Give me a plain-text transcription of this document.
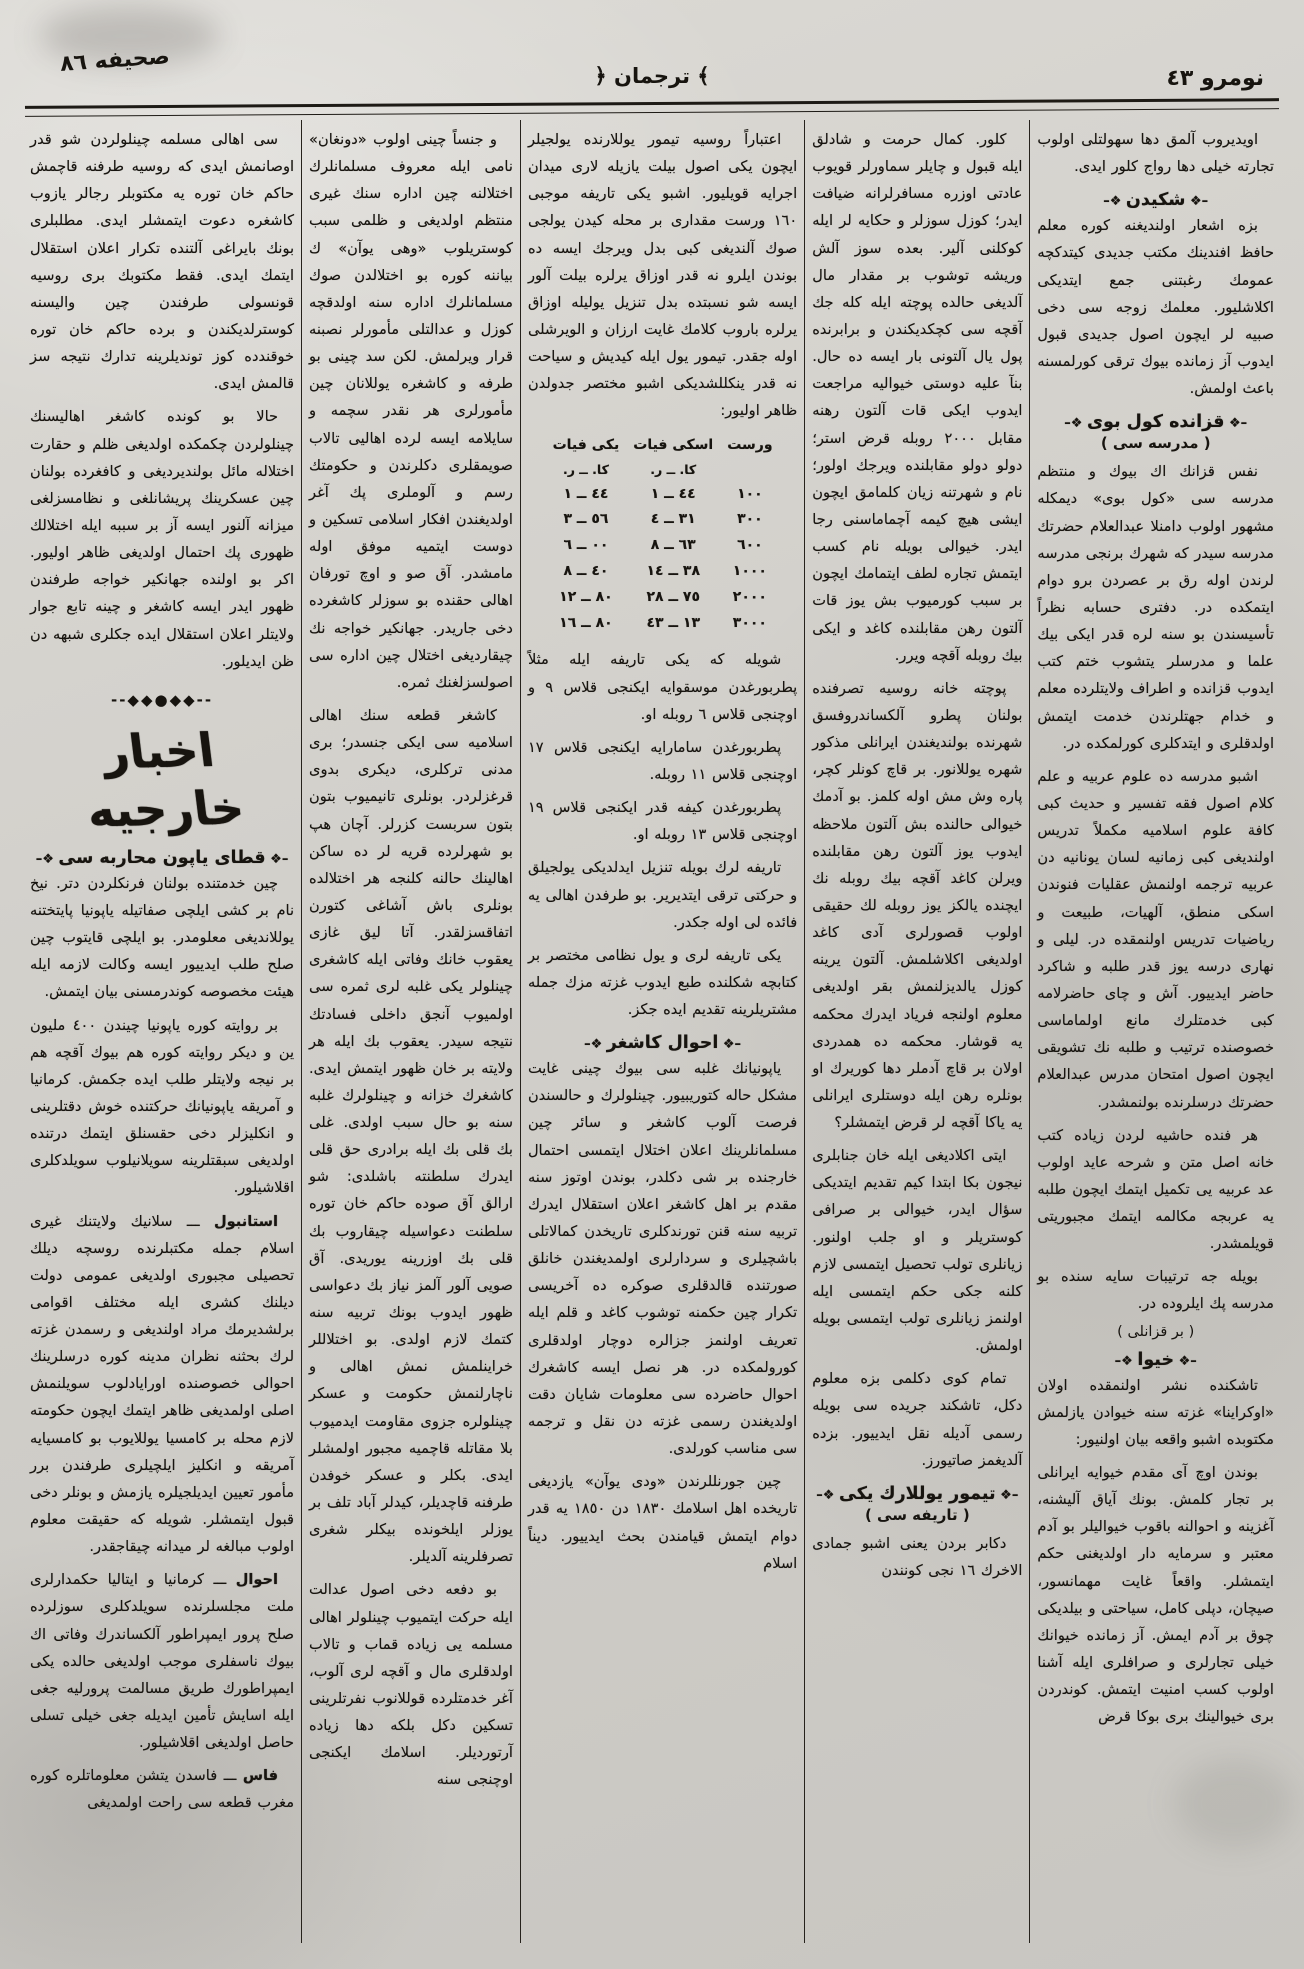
صحيفه ٨٦
﴾ ترجمان ﴿	نومرو ٤٣

اويديروب آلمق دها سهولتلى اولوب تجارته خيلى دها رواج كلور ايدى.

–❖ شكيدن ❖–

بزه اشعار اولنديغنه كوره معلم حافظ افندينك مكتب جديدى كيتدكچه عمومك رغبتنى جمع ايتديكى اكلاشليور. معلمك زوجه سى دخى صبيه لر ايچون اصول جديدى قبول ايدوب آز زمانده بيوك ترقى كورلمسنه باعث اولمش.

–❖ قزانده كول بوى ❖–
( مدرسه سى )

نفس قزانك اك بيوك و منتظم مدرسه سى «كول بوى» ديمكله مشهور اولوب دامنلا عبدالعلام حضرتك مدرسه سيدر كه شهرك برنجى مدرسه لرندن اوله رق بر عصردن برو دوام ايتمكده در. دفترى حسابه نظراً تأسيسندن بو سنه لره قدر ايكى بيك علما و مدرسلر يتشوب ختم كتب ايدوب قزانده و اطراف ولايتلرده معلم و خدام جهتلرندن خدمت ايتمش اولدقلرى و ايتدكلرى كورلمكده در.

اشبو مدرسه ده علوم عربيه و علم كلام اصول فقه تفسير و حديث كبى كافة علوم اسلاميه مكملاً تدريس اولنديغى كبى زمانيه لسان يونانيه دن عربيه ترجمه اولنمش عقليات فنوندن اسكى منطق، آلهيات، طبيعت و رياضيات تدريس اولنمقده در. ليلى و نهارى درسه يوز قدر طلبه و شاكرد حاضر ايدييور. آش و چاى حاضرلامه كبى خدمتلرك مانع اولماماسى خصوصنده ترتيب و طلبه نك تشويقى ايچون اصول امتحان مدرس عبدالعلام حضرتك درسلرنده بولنمشدر.

هر فنده حاشيه لردن زياده كتب خانه اصل متن و شرحه عايد اولوب عد عربيه يى تكميل ايتمك ايچون طلبه يه عربجه مكالمه ايتمك مجبوريتى قويلمشدر.

بويله جه ترتيبات سايه سنده بو مدرسه پك ايلروده در.

( بر قزانلى )
–❖ خيوا ❖–

تاشكنده نشر اولنمقده اولان «اوكراينا» غزته سنه خيوادن يازلمش مكتوبده اشبو واقعه بيان اولنيور:

بوندن اوچ آى مقدم خيوايه ايرانلى بر تجار كلمش. بونك آياق آليشنه، آغزينه و احوالنه باقوب خيواليلر بو آدم معتبر و سرمايه دار اولديغنى حكم ايتمشلر. واقعاً غايت مهمانسور، صيچان، دپلى كامل، سياحتى و بيلديكى چوق بر آدم ايمش. آز زمانده خيوانك خيلى تجارلرى و صرافلرى ايله آشنا اولوب كسب امنيت ايتمش. كوندردن برى خيوالينك برى بوكا قرض

كلور. كمال حرمت و شادلق ايله قبول و چايلر سماورلر قويوب عادتى اوزره مسافرلرانه ضيافت ايدر؛ كوزل سوزلر و حكايه لر ايله كوكلنى آلير. بعده سوز آلش وريشه توشوب بر مقدار مال آلديغى حالده پوچته ايله كله جك آقچه سى كچكديكندن و برابرنده پول يال آلتونى بار ايسه ده حال. بنآ عليه دوستى خيواليه مراجعت ايدوب ايكى قات آلتون رهنه مقابل ٢٠٠٠ روبله قرض استر؛ دولو دولو مقابلنده ويرجك اولور؛ نام و شهرتنه زيان كلمامق ايچون ايشى هيچ كيمه آچماماسنى رجا ايدر. خيوالى بويله نام كسب ايتمش تجاره لطف ايتمامك ايچون بر سبب كورميوب بش يوز قات آلتون رهن مقابلنده كاغد و ايكى بيك روبله آقچه ويرر.

پوچته خانه روسيه تصرفنده بولنان پطرو آلكساندروفسق شهرنده بولنديغندن ايرانلى مذكور شهره يوللانور. بر قاچ كونلر كچر، پاره وش مش اوله كلمز. بو آدمك خيوالى حالنده بش آلتون ملاحظه ايدوب يوز آلتون رهن مقابلنده ويرلن كاغد آقچه بيك روبله نك ايچنده يالكز يوز روبله لك حقيقى اولوب قصورلرى آدى كاغد اولديغى اكلاشلمش. آلتون يرينه كوزل يالديزلنمش بقر اولديغى معلوم اولنجه فرياد ايدرك محكمه يه قوشار. محكمه ده همدردى اولان بر قاچ آدملر دها كوريرك او بونلره رهن ايله دوستلرى ايرانلى يه ياكا آقچه لر قرض ايتمشلر؟

ايتى اكلاديغى ايله خان جنابلرى نيجون بكا ابتدا كيم تقديم ايتديكى سؤال ايدر، خيوالى بر صرافى كوستريلر و او جلب اولنور. زيانلرى تولب تحصيل ايتمسى لازم كلنه جكى حكم ايتمسى ايله اولنمز زيانلرى تولب ايتمسى بويله اولمش.

تمام كوى دكلمى بزه معلوم دكل، تاشكند جريده سى بويله رسمى آديله نقل ايدييور. بزده آلديغمز صاتيورز.

–❖ تيمور يوللارك يكى ❖–
( تاريفه سى )

دكابر بردن يعنى اشبو جمادى الاخرك ١٦ نجى كونندن

اعتباراً روسيه تيمور يوللارنده يولجيلر ايچون يكى اصول بيلت يازيله لارى ميدان اجرايه قويليور. اشبو يكى تاريفه موجبى ١٦٠ ورست مقدارى بر محله كيدن يولجى صوك آلنديغى كبى بدل ويرجك ايسه ده بوندن ايلرو نه قدر اوزاق يرلره بيلت آلور ايسه شو نسبتده بدل تنزيل يوليله اوزاق يرلره باروب كلامك غايت ارزان و الويرشلى اوله جقدر. تيمور يول ايله كيديش و سياحت نه قدر ينكللشديكى اشبو مختصر جدولدن ظاهر اوليور:

ورست	اسكى فيات	يكى فيات
	كا. ــ ر.	كا. ــ ر.
١٠٠	٤٤ ــ ١	٤٤ ــ ١
٣٠٠	٣١ ــ ٤	٥٦ ــ ٣
٦٠٠	٦٣ ــ ٨	٠٠ ــ ٦
١٠٠٠	٣٨ ــ ١٤	٤٠ ــ ٨
٢٠٠٠	٧٥ ــ ٢٨	٨٠ ــ ١٢
٣٠٠٠	١٣ ــ ٤٣	٨٠ ــ ١٦

شويله كه يكى تاريفه ايله مثلاً پطربورغدن موسقوايه ايكنجى قلاس ٩ و اوچنجى قلاس ٦ روبله او.

پطربورغدن سامارايه ايكنجى قلاس ١٧ اوچنجى قلاس ١١ روبله.

پطربورغدن كيفه قدر ايكنجى قلاس ١٩ اوچنجى قلاس ١٣ روبله او.

تاريفه لرك بويله تنزيل ايدلديكى يولجيلق و حركتى ترقى ايتديرير. بو طرفدن اهالى يه فائده لى اوله جكدر.

يكى تاريفه لرى و يول نظامى مختصر بر كتابچه شكلنده طبع ايدوب غزته مزك جمله مشتريلرينه تقديم ايده جكز.

–❖ احوال كاشغر ❖–

ياپونيانك غلبه سى بيوك چينى غايت مشكل حاله كتوريبيور. چينلولرك و حالسندن فرصت آلوب كاشغر و سائر چين مسلمانلرينك اعلان اختلال ايتمسى احتمال خارجنده بر شى دكلدر، بوندن اوتوز سنه مقدم بر اهل كاشغر اعلان استقلال ايدرك تربيه سنه قنن تورندكلرى تاريخدن كمالاتلى باشچيلرى و سردارلرى اولمديغندن خانلق صورتنده قالدقلرى صوكره ده آخريسى تكرار چين حكمنه توشوب كاغد و قلم ايله تعريف اولنمز جزالره دوچار اولدقلرى كورولمكده در. هر نصل ايسه كاشغرك احوال حاضرده سى معلومات شايان دقت اولديغندن رسمى غزته دن نقل و ترجمه سى مناسب كورلدى.

چين جورنللرندن «ودى يوآن» يازديغى تاريخده اهل اسلامك ١٨٣٠ دن ١٨٥٠ يه قدر دوام ايتمش قيامندن بحث ايدييور. ديناً اسلام

و جنساً چينى اولوب «دونغان» نامى ايله معروف مسلمانلرك اختلالنه چين اداره سنك غيرى منتظم اولديغى و ظلمى سبب كوستريلوب «وهى يوآن» ك بياننه كوره بو اختلالدن صوك مسلمانلرك اداره سنه اولدقچه كوزل و عدالتلى مأمورلر نصبنه قرار ويرلمش. لكن سد چينى بو طرفه و كاشغره يوللانان چين مأمورلرى هر نقدر سچمه و سايلامه ايسه لرده اهاليى تالاب صويمقلرى دكلرندن و حكومتك رسم و آلوملرى پك آغر اولديغندن افكار اسلامى تسكين و دوست ايتميه موفق اوله مامشدر. آق صو و اوچ تورفان اهالى حقنده بو سوزلر كاشغرده دخى جاريدر. جهانكير خواجه نك چيقارديغى اختلال چين اداره سى اصولسزلغنك ثمره.

كاشغر قطعه سنك اهالى اسلاميه سى ايكى جنسدر؛ برى مدنى تركلرى، ديكرى بدوى قرغزلردر. بونلرى تانيميوب بتون بتون سربست كزرلر. آچان هپ بو شهرلرده قريه لر ده ساكن اهالينك حالنه كلنجه هر اختلالده بونلرى باش آشاغى كتورن اتفاقسزلقدر. آتا ليق غازى يعقوب خانك وفاتى ايله كاشغرى چينلولر يكى غلبه لرى ثمره سى اولميوب آنجق داخلى فسادتك نتيجه سيدر. يعقوب بك ايله هر ولايته بر خان ظهور ايتمش ايدى. كاشغرك خزانه و چينلولرك غلبه سنه بو حال سبب اولدى. غلى بك قلى بك ايله برادرى حق قلى ايدرك سلطنته باشلدى: شو ارالق آق صوده حاكم خان توره سلطنت دعواسيله چيقاروب بك قلى بك اوزرينه يوريدى. آق صويى آلور آلمز نياز بك دعواسى ظهور ايدوب بونك تربيه سنه كتمك لازم اولدى. بو اختلاللر خراينلمش نمش اهالى و ناچارلنمش حكومت و عسكر چينلولره جزوى مقاومت ايدميوب بلا مقاتله قاچميه مجبور اولمشلر ايدى. بكلر و عسكر خوفدن طرفنه قاچديلر، كيدلر آباد تلف بر يوزلر ايلخونده بيكلر شغرى تصرفلرينه آلديلر.

بو دفعه دخى اصول عدالت ايله حركت ايتميوب چينلولر اهالى مسلمه یى زياده قماب و تالاب اولدقلرى مال و آقچه لرى آلوب، آغر خدمتلرده قوللانوب نفرتلرينى تسكين دكل بلكه دها زياده آرتورديلر. اسلامك ايكنجى اوچنجى سنه

سى اهالى مسلمه چينلولردن شو قدر اوصانمش ايدى كه روسيه طرفنه قاچمش حاكم خان توره يه مكتوبلر رجالر يازوب كاشغره دعوت ايتمشلر ايدى. مطلبلرى بونك بايراغى آلتنده تكرار اعلان استقلال ايتمك ايدى. فقط مكتوبك برى روسيه قونسولى طرفندن چين واليسنه كوسترلديكندن و برده حاكم خان توره خوقندده كوز تونديلرينه تدارك نتيجه سز قالمش ايدى.

حالا بو كونده كاشغر اهاليسنك چينلولردن چكمكده اولديغى ظلم و حقارت اختلالە مائل بولنديرديغى و كافغرده بولنان چين عسكرينك پريشانلغى و نظامسزلغى ميزانه آلنور ايسه آز بر سببه ايله اختلالك ظهورى پك احتمال اولديغى ظاهر اوليور. اكر بو اولنده جهانكير خواجه طرفندن ظهور ايدر ايسه كاشغر و چينه تابع جوار ولايتلر اعلان استقلال ايده جكلرى شبهه دن ظن ايديلور.

--◆◆●◆◆--
اخبار خارجيه
–❖ قطاى ياپون محاربه سى ❖–

چين خدمتنده بولنان فرنكلردن دتر. نيخ نام بر كشى ايلچى صفاتيله ياپونيا پايتختنه يوللانديغى معلومدر. بو ايلچى قايتوب چين صلح طلب ايدييور ايسه وكالت لازمه ايله هيئت مخصوصه كوندرمسنى بيان ايتمش.

بر روايته كوره ياپونيا چيندن ٤٠٠ مليون ين و ديكر روايته كوره هم بيوك آقچه هم بر نيجه ولايتلر طلب ايده جكمش. كرمانيا و آمريقه ياپونيانك حركتنده خوش دقتلرينى و انكليزلر دخى حقسنلق ايتمك درتنده اولديغى سبقتلرينه سويلانيلوب سويلدكلرى اقلاشيلور.

استانبول ـــ سلانيك ولايتنك غيرى اسلام جمله مكتبلرنده روسچه ديلك تحصيلى مجبورى اولديغى عمومى دولت ديلنك كشرى ايله مختلف اقوامى برلشديرمك مراد اولنديغى و رسمدن غزته لرك بحثنه نظران مدينه كوره درسلرينك احوالى خصوصنده اورايادلوب سويلنمش اصلى اولمديغى ظاهر ايتمك ايچون حكومته لازم محله بر كامسيا يوللايوب بو كامسيايه آمريقه و انكليز ايلچيلرى طرفندن برر مأمور تعيين ايديلجيلره يازمش و بونلر دخى قبول ايتمشلر. شويله كه حقيقت معلوم اولوب مبالغه لر ميدانه چيقاجقدر.

احوال ـــ كرمانيا و ايتاليا حكمدارلرى ملت مجلسلرنده سويلدكلرى سوزلرده صلح پرور ايمپراطور آلكساندرك وفاتى اك بيوك ناسفلرى موجب اولديغى حالده يكى ايمپراطورك طريق مسالمت پرورليه جغى ايله اسايش تأمين ايديله جغى خيلى تسلى حاصل اولديغى اقلاشيلور.

فاس ـــ فاسدن يتشن معلوماتلره كوره مغرب قطعه سى راحت اولمديغى
